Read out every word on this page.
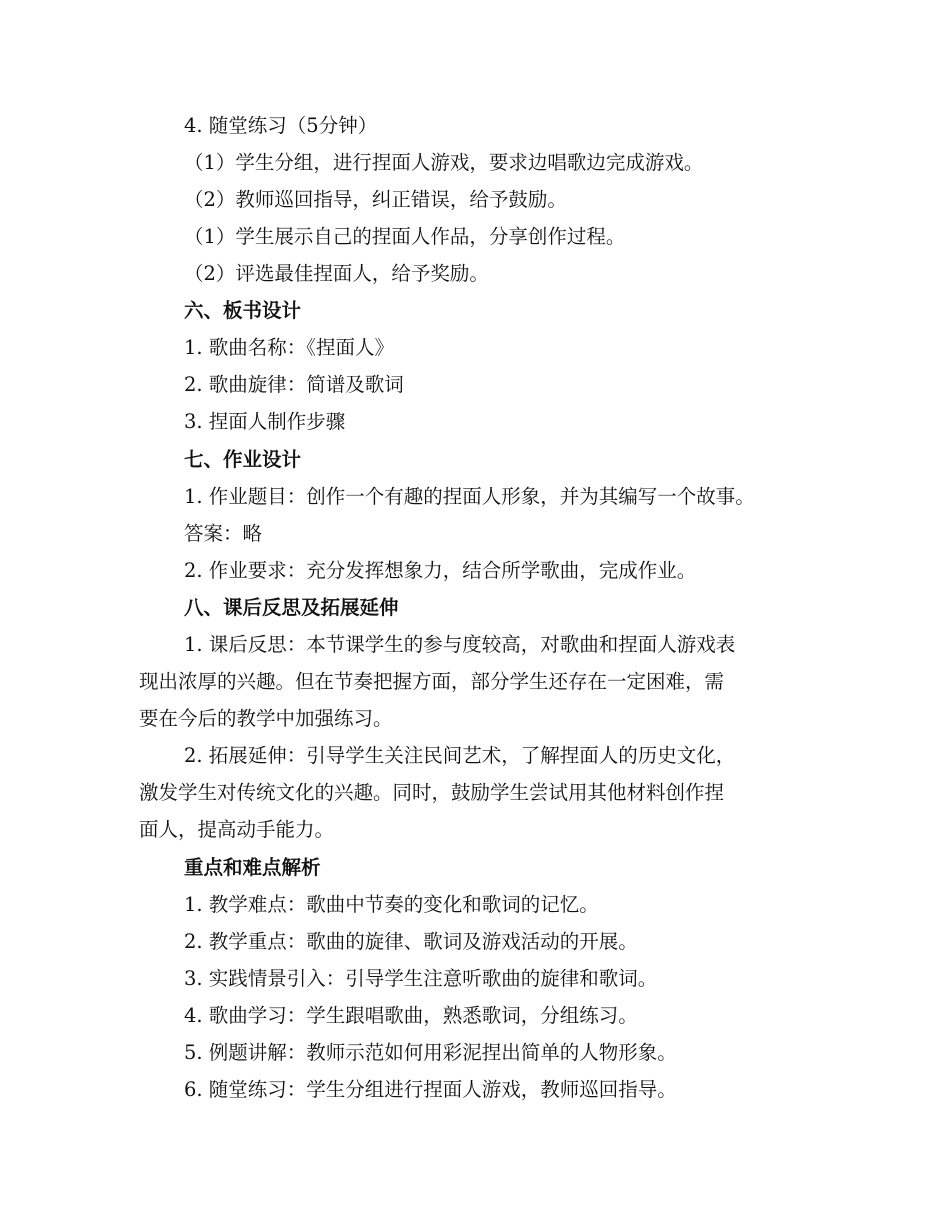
4. 随堂练习（5分钟）
（1）学生分组，进行捏面人游戏，要求边唱歌边完成游戏。
（2）教师巡回指导，纠正错误，给予鼓励。
（1）学生展示自己的捏面人作品，分享创作过程。
（2）评选最佳捏面人，给予奖励。
六、板书设计
1. 歌曲名称：《捏面人》
2. 歌曲旋律：简谱及歌词
3. 捏面人制作步骤
七、作业设计
1. 作业题目：创作一个有趣的捏面人形象，并为其编写一个故事。
答案：略
2. 作业要求：充分发挥想象力，结合所学歌曲，完成作业。
八、课后反思及拓展延伸
1. 课后反思：本节课学生的参与度较高，对歌曲和捏面人游戏表
现出浓厚的兴趣。但在节奏把握方面，部分学生还存在一定困难，需
要在今后的教学中加强练习。
2. 拓展延伸：引导学生关注民间艺术，了解捏面人的历史文化，
激发学生对传统文化的兴趣。同时，鼓励学生尝试用其他材料创作捏
面人，提高动手能力。
重点和难点解析
1. 教学难点：歌曲中节奏的变化和歌词的记忆。
2. 教学重点：歌曲的旋律、歌词及游戏活动的开展。
3. 实践情景引入：引导学生注意听歌曲的旋律和歌词。
4. 歌曲学习：学生跟唱歌曲，熟悉歌词，分组练习。
5. 例题讲解：教师示范如何用彩泥捏出简单的人物形象。
6. 随堂练习：学生分组进行捏面人游戏，教师巡回指导。
